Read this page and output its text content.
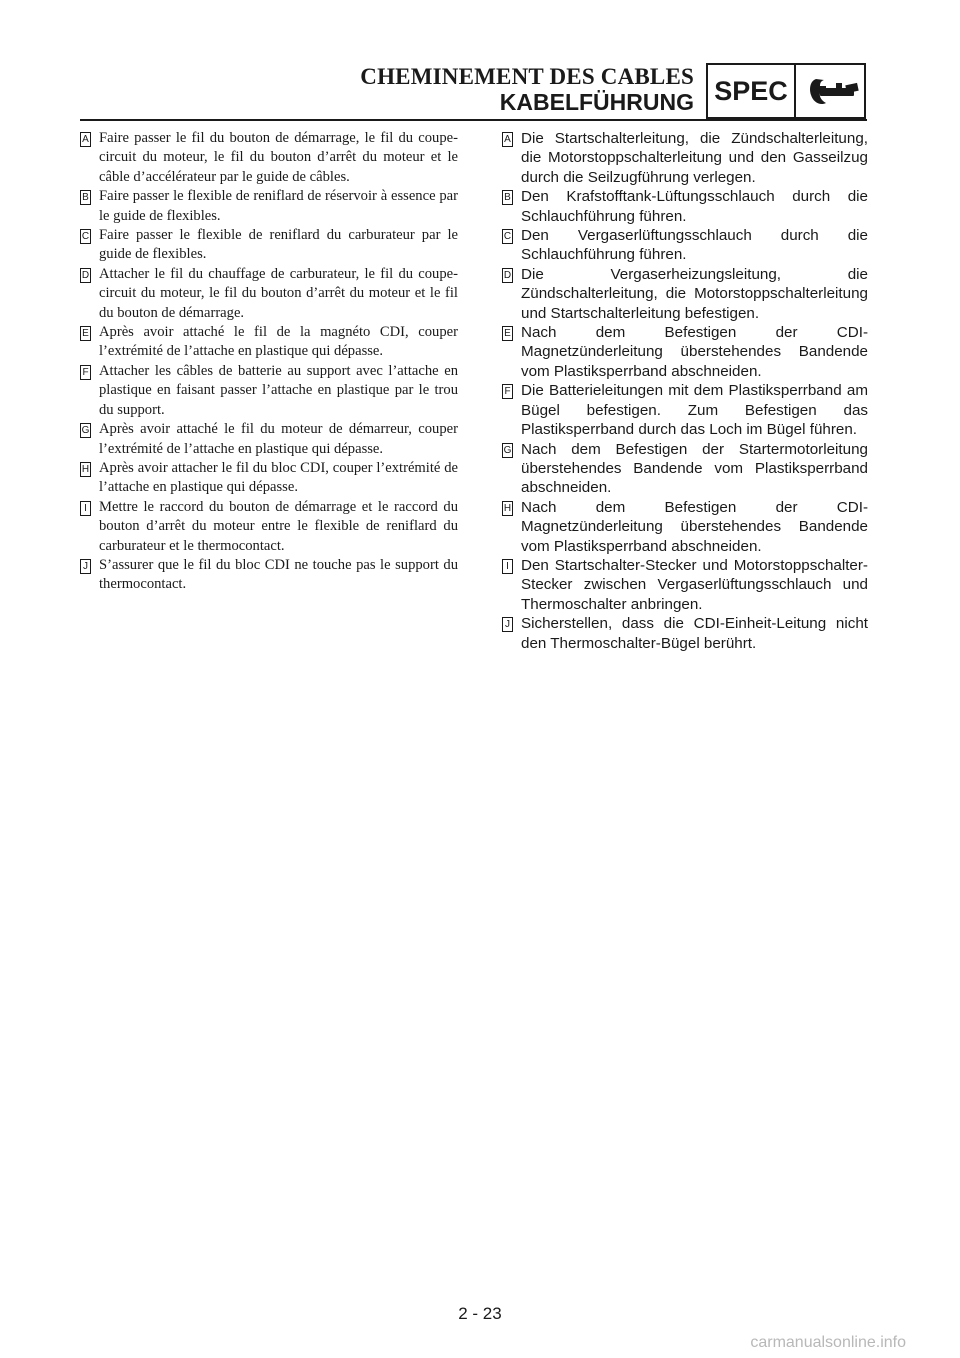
CHEMINEMENT DES CABLES
KABELFÜHRUNG SPEC
A Faire passer le fil du bouton de démarrage, le fil du coupe-circuit du moteur, le fil du bouton d’arrêt du moteur et le câble d’accélérateur par le guide de câbles.
B Faire passer le flexible de reniflard de réservoir à essence par le guide de flexibles.
C Faire passer le flexible de reniflard du carburateur par le guide de flexibles.
D Attacher le fil du chauffage de carburateur, le fil du coupe-circuit du moteur, le fil du bouton d’arrêt du moteur et le fil du bouton de démarrage.
E Après avoir attaché le fil de la magnéto CDI, couper l’extrémité de l’attache en plastique qui dépasse.
F Attacher les câbles de batterie au support avec l’attache en plastique en faisant passer l’attache en plastique par le trou du support.
G Après avoir attaché le fil du moteur de démarreur, couper l’extrémité de l’attache en plastique qui dépasse.
H Après avoir attacher le fil du bloc CDI, couper l’extrémité de l’attache en plastique qui dépasse.
I Mettre le raccord du bouton de démarrage et le raccord du bouton d’arrêt du moteur entre le flexible de reniflard du carburateur et le thermocontact.
J S’assurer que le fil du bloc CDI ne touche pas le support du thermocontact.
A Die Startschalterleitung, die Zündschalterleitung, die Motorstoppschalterleitung und den Gasseilzug durch die Seilzugführung verlegen.
B Den Krafstofftank-Lüftungsschlauch durch die Schlauchführung führen.
C Den Vergaserlüftungsschlauch durch die Schlauchführung führen.
D Die Vergaserheizungsleitung, die Zündschalterleitung, die Motorstoppschalterleitung und Startschalterleitung befestigen.
E Nach dem Befestigen der CDI-Magnetzünderleitung überstehendes Bandende vom Plastiksperrband abschneiden.
F Die Batterieleitungen mit dem Plastiksperrband am Bügel befestigen. Zum Befestigen das Plastiksperrband durch das Loch im Bügel führen.
G Nach dem Befestigen der Startermotorleitung überstehendes Bandende vom Plastiksperrband abschneiden.
H Nach dem Befestigen der CDI-Magnetzünderleitung überstehendes Bandende vom Plastiksperrband abschneiden.
I Den Startschalter-Stecker und Motorstoppschalter-Stecker zwischen Vergaserlüftungsschlauch und Thermoschalter anbringen.
J Sicherstellen, dass die CDI-Einheit-Leitung nicht den Thermoschalter-Bügel berührt.
2 - 23
carmanualsonline.info
